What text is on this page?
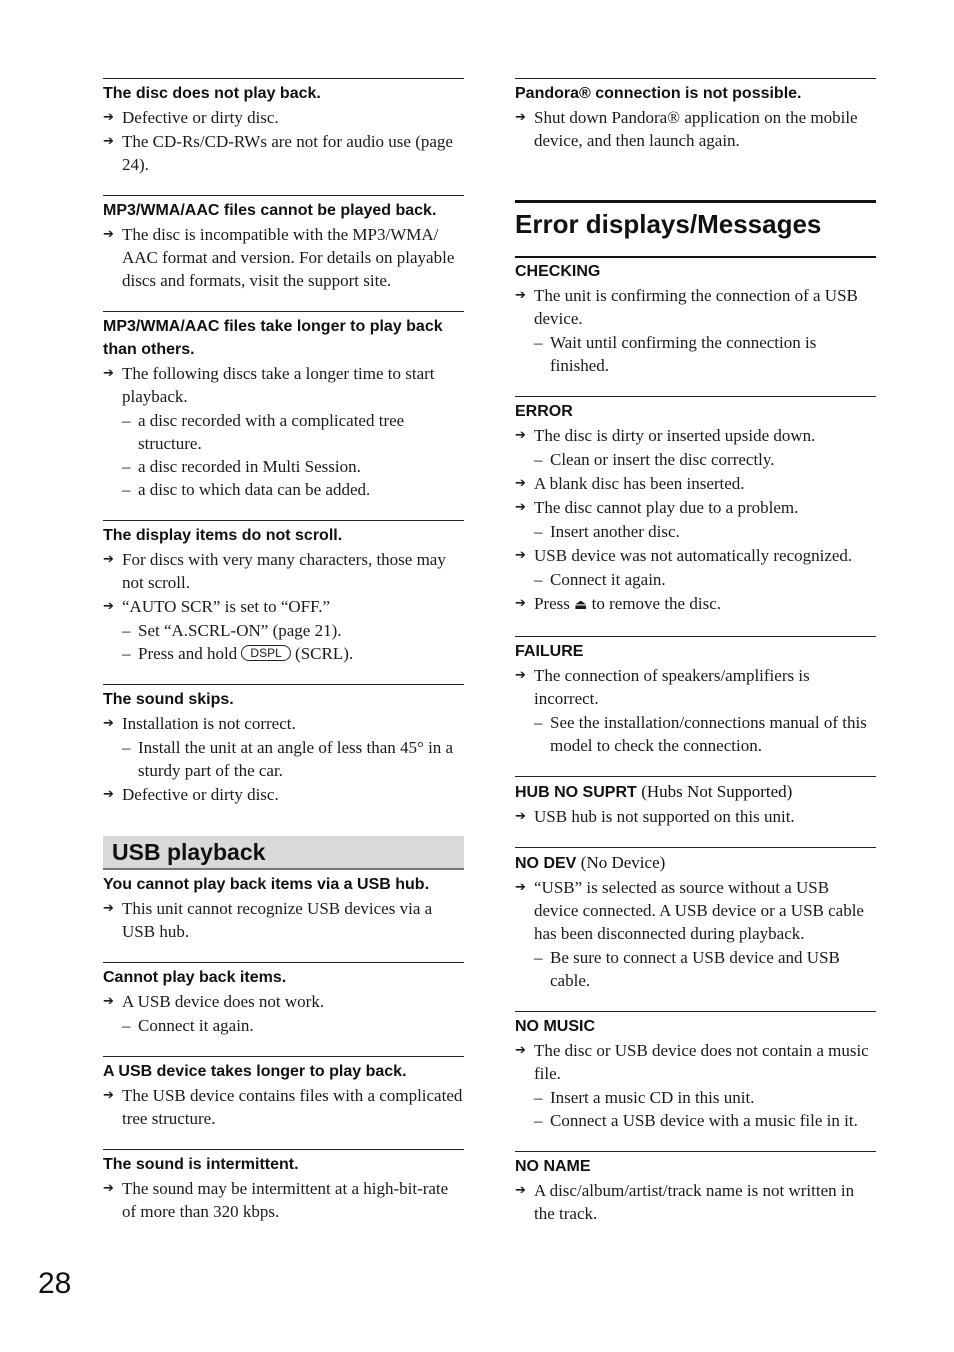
The disc does not play back.
➔ Defective or dirty disc.
➔ The CD-Rs/CD-RWs are not for audio use (page 24).
MP3/WMA/AAC files cannot be played back.
➔ The disc is incompatible with the MP3/WMA/ AAC format and version. For details on playable discs and formats, visit the support site.
MP3/WMA/AAC files take longer to play back than others.
➔ The following discs take a longer time to start playback.
– a disc recorded with a complicated tree structure.
– a disc recorded in Multi Session.
– a disc to which data can be added.
The display items do not scroll.
➔ For discs with very many characters, those may not scroll.
➔ “AUTO SCR” is set to “OFF.”
– Set “A.SCRL-ON” (page 21).
– Press and hold DSPL (SCRL).
The sound skips.
➔ Installation is not correct.
– Install the unit at an angle of less than 45° in a sturdy part of the car.
➔ Defective or dirty disc.
USB playback
You cannot play back items via a USB hub.
➔ This unit cannot recognize USB devices via a USB hub.
Cannot play back items.
➔ A USB device does not work.
– Connect it again.
A USB device takes longer to play back.
➔ The USB device contains files with a complicated tree structure.
The sound is intermittent.
➔ The sound may be intermittent at a high-bit-rate of more than 320 kbps.
Pandora® connection is not possible.
➔ Shut down Pandora® application on the mobile device, and then launch again.
Error displays/Messages
CHECKING
➔ The unit is confirming the connection of a USB device.
– Wait until confirming the connection is finished.
ERROR
➔ The disc is dirty or inserted upside down.
– Clean or insert the disc correctly.
➔ A blank disc has been inserted.
➔ The disc cannot play due to a problem.
– Insert another disc.
➔ USB device was not automatically recognized.
– Connect it again.
➔ Press ⏏ to remove the disc.
FAILURE
➔ The connection of speakers/amplifiers is incorrect.
– See the installation/connections manual of this model to check the connection.
HUB NO SUPRT (Hubs Not Supported)
➔ USB hub is not supported on this unit.
NO DEV (No Device)
➔ “USB” is selected as source without a USB device connected. A USB device or a USB cable has been disconnected during playback.
– Be sure to connect a USB device and USB cable.
NO MUSIC
➔ The disc or USB device does not contain a music file.
– Insert a music CD in this unit.
– Connect a USB device with a music file in it.
NO NAME
➔ A disc/album/artist/track name is not written in the track.
28
